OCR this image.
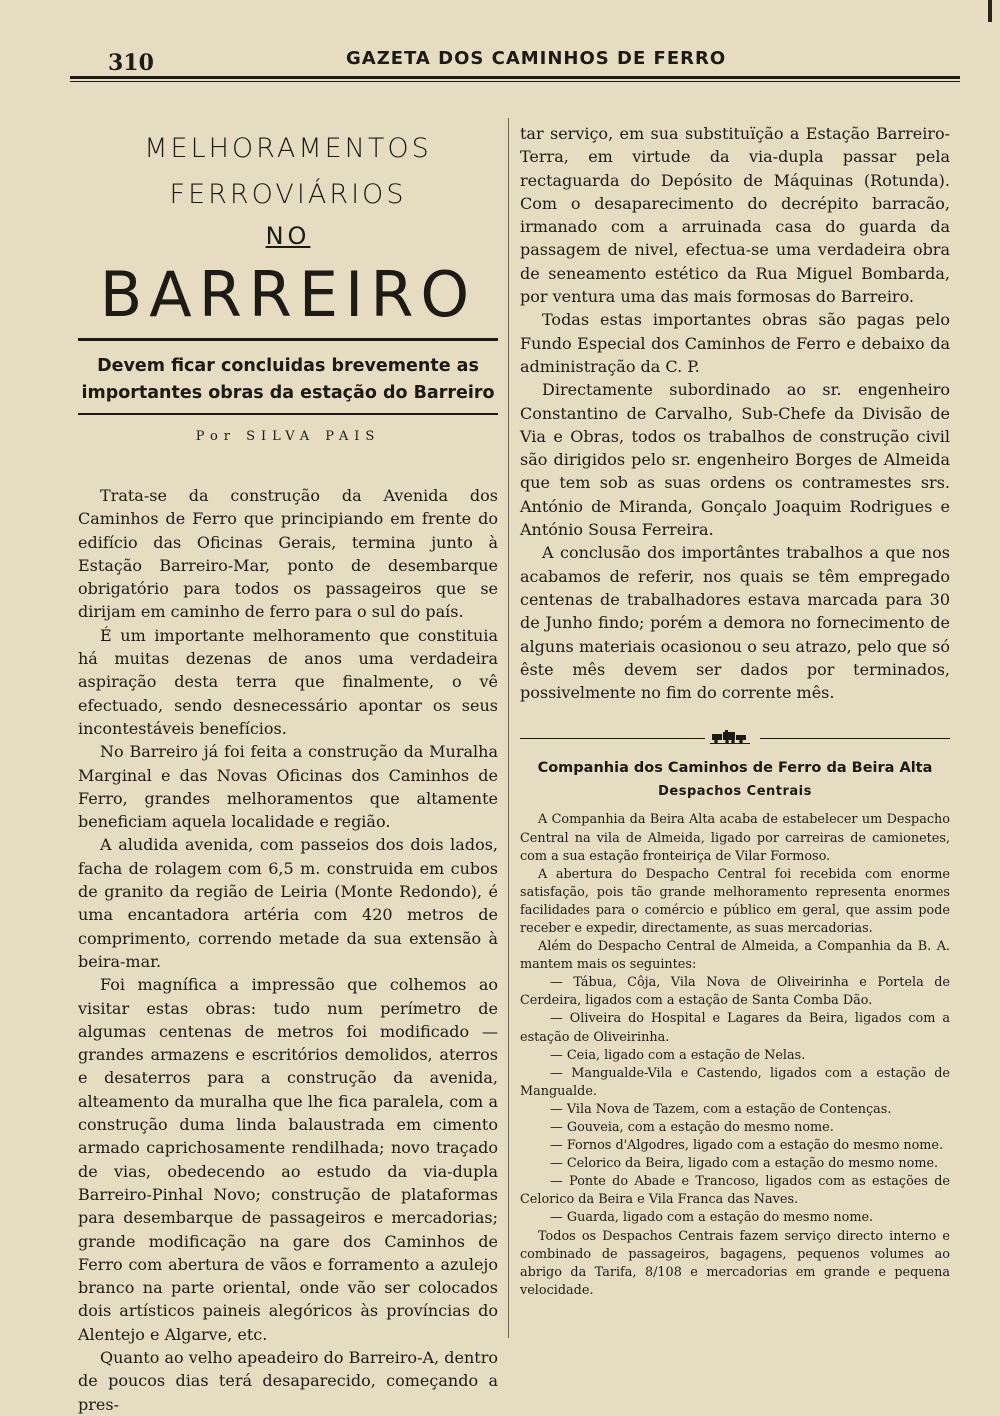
310	GAZETA DOS CAMINHOS DE FERRO
MELHORAMENTOS
FERROVIÁRIOS
NO
BARREIRO
Devem ficar concluidas brevemente as importantes obras da estação do Barreiro
Por SILVA PAIS

Trata-se da construção da Avenida dos Caminhos de Ferro que principiando em frente do edifício das Oficinas Gerais, termina junto à Estação Barreiro-Mar, ponto de desembarque obrigatório para todos os passageiros que se dirijam em caminho de ferro para o sul do país.

É um importante melhoramento que constituia há muitas dezenas de anos uma verdadeira aspiração desta terra que finalmente, o vê efectuado, sendo desnecessário apontar os seus incontestáveis benefícios.

No Barreiro já foi feita a construção da Muralha Marginal e das Novas Oficinas dos Caminhos de Ferro, grandes melhoramentos que altamente beneficiam aquela localidade e região.

A aludida avenida, com passeios dos dois lados, facha de rolagem com 6,5 m. construida em cubos de granito da região de Leiria (Monte Redondo), é uma encantadora artéria com 420 metros de comprimento, correndo metade da sua extensão à beira-mar.

Foi magnífica a impressão que colhemos ao visitar estas obras: tudo num perímetro de algumas centenas de metros foi modificado — grandes armazens e escritórios demolidos, aterros e desaterros para a construção da avenida, alteamento da muralha que lhe fica paralela, com a construção duma linda balaustrada em cimento armado caprichosamente rendilhada; novo traçado de vias, obedecendo ao estudo da via-dupla Barreiro-Pinhal Novo; construção de plataformas para desembarque de passageiros e mercadorias; grande modificação na gare dos Caminhos de Ferro com abertura de vãos e forramento a azulejo branco na parte oriental, onde vão ser colocados dois artísticos paineis alegóricos às províncias do Alentejo e Algarve, etc.

Quanto ao velho apeadeiro do Barreiro-A, dentro de poucos dias terá desaparecido, começando a pres-

tar serviço, em sua substituïção a Estação Barreiro-Terra, em virtude da via-dupla passar pela rectaguarda do Depósito de Máquinas (Rotunda). Com o desaparecimento do decrépito barracão, irmanado com a arruinada casa do guarda da passagem de nivel, efectua-se uma verdadeira obra de seneamento estético da Rua Miguel Bombarda, por ventura uma das mais formosas do Barreiro.

Todas estas importantes obras são pagas pelo Fundo Especial dos Caminhos de Ferro e debaixo da administração da C. P.

Directamente subordinado ao sr. engenheiro Constantino de Carvalho, Sub-Chefe da Divisão de Via e Obras, todos os trabalhos de construção civil são dirigidos pelo sr. engenheiro Borges de Almeida que tem sob as suas ordens os contramestes srs. António de Miranda, Gonçalo Joaquim Rodrigues e António Sousa Ferreira.

A conclusão dos importântes trabalhos a que nos acabamos de referir, nos quais se têm empregado centenas de trabalhadores estava marcada para 30 de Junho findo; porém a demora no fornecimento de alguns materiais ocasionou o seu atrazo, pelo que só êste mês devem ser dados por terminados, possivelmente no fim do corrente mês.

Companhia dos Caminhos de Ferro da Beira Alta
Despachos Centrais

A Companhia da Beira Alta acaba de estabelecer um Despacho Central na vila de Almeida, ligado por carreiras de camionetes, com a sua estação fronteiriça de Vilar Formoso.

A abertura do Despacho Central foi recebida com enorme satisfação, pois tão grande melhoramento representa enormes facilidades para o comércio e público em geral, que assim pode receber e expedir, directamente, as suas mercadorias.

Além do Despacho Central de Almeida, a Companhia da B. A. mantem mais os seguintes:

— Tábua, Côja, Vila Nova de Oliveirinha e Portela de Cerdeira, ligados com a estação de Santa Comba Dão.

— Oliveira do Hospital e Lagares da Beira, ligados com a estação de Oliveirinha.

— Ceia, ligado com a estação de Nelas.

— Mangualde-Vila e Castendo, ligados com a estação de Mangualde.

— Vila Nova de Tazem, com a estação de Contenças.

— Gouveia, com a estação do mesmo nome.

— Fornos d'Algodres, ligado com a estação do mesmo nome.

— Celorico da Beira, ligado com a estação do mesmo nome.

— Ponte do Abade e Trancoso, ligados com as estações de Celorico da Beira e Vila Franca das Naves.

— Guarda, ligado com a estação do mesmo nome.

Todos os Despachos Centrais fazem serviço directo interno e combinado de passageiros, bagagens, pequenos volumes ao abrigo da Tarifa, 8/108 e mercadorias em grande e pequena velocidade.
